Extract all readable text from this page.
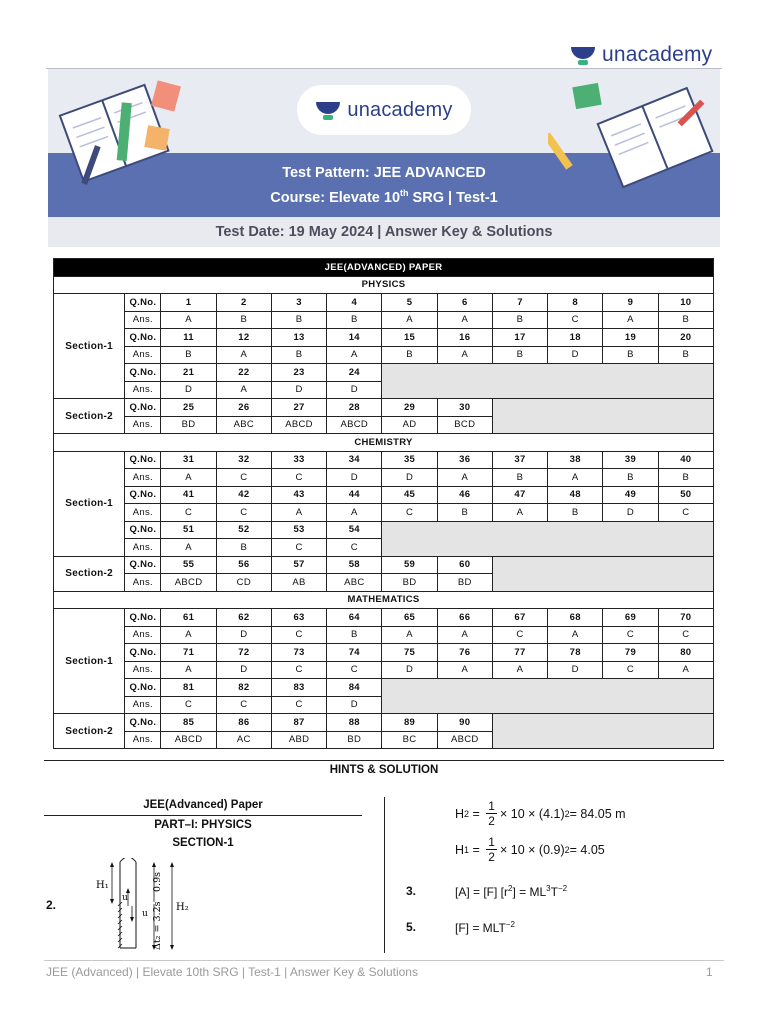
unacademy
unacademy
Test Pattern: JEE ADVANCED
Course: Elevate 10th SRG | Test-1
Test Date: 19 May 2024 | Answer Key & Solutions
JEE(ADVANCED) PAPER											
PHYSICS											
Section-1	Q.No.	1	2	3	4	5	6	7	8	9	10
	Ans.	A	B	B	B	A	A	B	C	A	B
	Q.No.	11	12	13	14	15	16	17	18	19	20
	Ans.	B	A	B	A	B	A	B	D	B	B
	Q.No.	21	22	23	24						
	Ans.	D	A	D	D						
Section-2	Q.No.	25	26	27	28	29	30				
	Ans.	BD	ABC	ABCD	ABCD	AD	BCD				
CHEMISTRY											
Section-1	Q.No.	31	32	33	34	35	36	37	38	39	40
	Ans.	A	C	C	D	D	A	B	A	B	B
	Q.No.	41	42	43	44	45	46	47	48	49	50
	Ans.	C	C	A	A	C	B	A	B	D	C
	Q.No.	51	52	53	54						
	Ans.	A	B	C	C						
Section-2	Q.No.	55	56	57	58	59	60				
	Ans.	ABCD	CD	AB	ABC	BD	BD				
MATHEMATICS											
Section-1	Q.No.	61	62	63	64	65	66	67	68	69	70
	Ans.	A	D	C	B	A	A	C	A	C	C
	Q.No.	71	72	73	74	75	76	77	78	79	80
	Ans.	A	D	C	C	D	A	A	D	C	A
	Q.No.	81	82	83	84						
	Ans.	C	C	C	D						
Section-2	Q.No.	85	86	87	88	89	90				
	Ans.	ABCD	AC	ABD	BD	BC	ABCD				
HINTS & SOLUTION
JEE(Advanced) Paper
PART–I: PHYSICS
SECTION-1
2.
H₁
u
u
0.9s
Δt₂ = 3.2s H₂
H $2 = \frac{1}{2} \times 10 \times (4.1) 2 = 84.05$ m
H $1 = \frac{1}{2} \times 10 \times (0.9) 2 = 4.05$
3.	[A] = [F] $[r^2] = ML^3T^{-2}$
5.	$[F] = MLT^{-2}$
JEE (Advanced) | Elevate 10th SRG | Test-1 | Answer Key & Solutions	1
